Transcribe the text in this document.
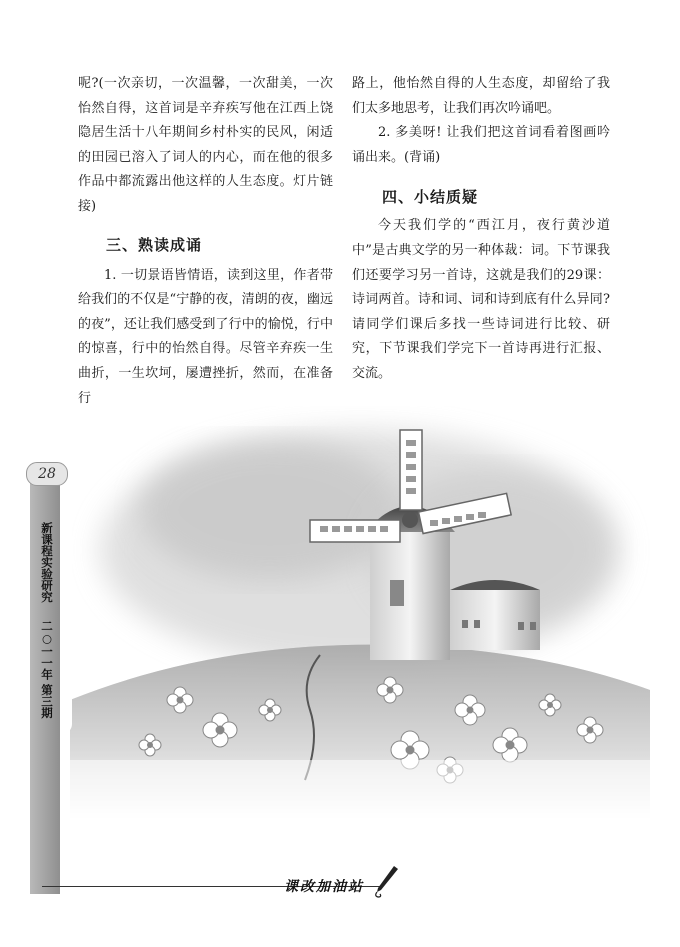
呢?(一次亲切，一次温馨，一次甜美，一次怡然自得，这首词是辛弃疾写他在江西上饶隐居生活十八年期间乡村朴实的民风，闲适的田园已溶入了词人的内心，而在他的很多作品中都流露出他这样的人生态度。灯片链接)

三、熟读成诵

1. 一切景语皆情语，读到这里，作者带给我们的不仅是“宁静的夜，清朗的夜，幽远的夜”，还让我们感受到了行中的愉悦，行中的惊喜，行中的怡然自得。尽管辛弃疾一生曲折，一生坎坷，屡遭挫折，然而，在准备行

路上，他怡然自得的人生态度，却留给了我们太多地思考，让我们再次吟诵吧。

2. 多美呀! 让我们把这首词看着图画吟诵出来。(背诵)

四、小结质疑

今天我们学的“西江月，夜行黄沙道中”是古典文学的另一种体裁：词。下节课我们还要学习另一首诗，这就是我们的29课：诗词两首。诗和词、词和诗到底有什么异同?请同学们课后多找一些诗词进行比较、研究，下节课我们学完下一首诗再进行汇报、交流。

28
新课程实验研究
二○一一年 第三期
课改加油站
